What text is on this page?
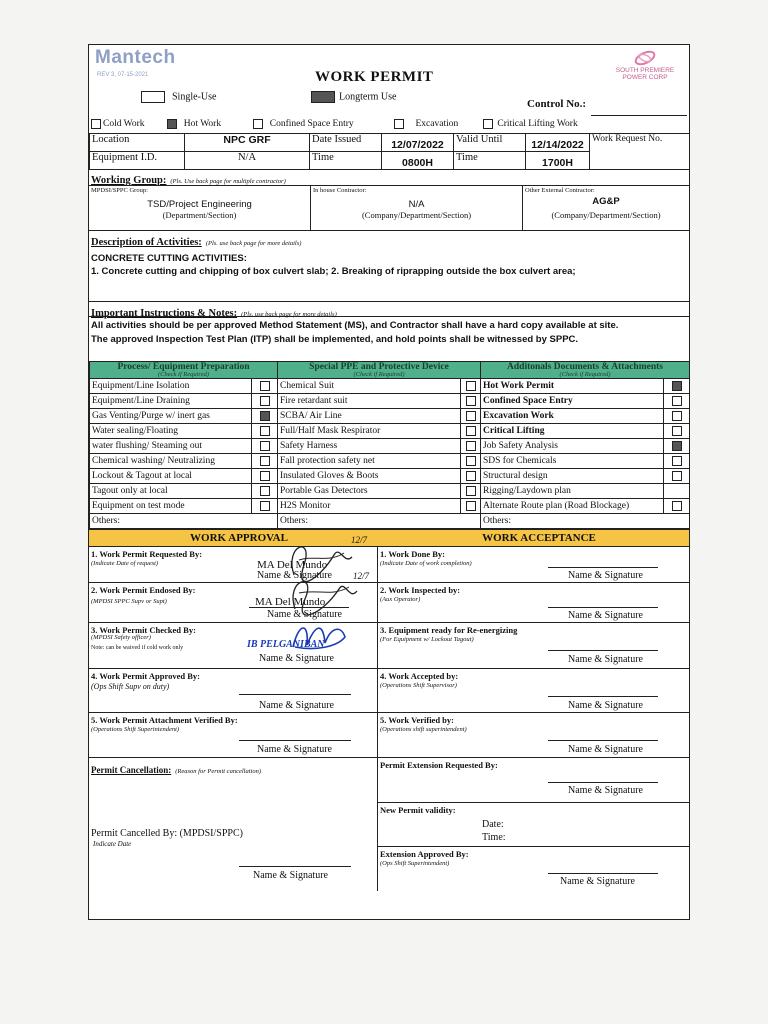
Mantech
REV 3, 07-15-2021	WORK PERMIT	SOUTH PREMIERE POWER CORP
Single-Use	Longterm Use
Control No.:
Cold Work	Hot Work	Confined Space Entry	Excavation	Critical Lifting Work
Location	NPC GRF	Date Issued	12/07/2022	Valid Until	12/14/2022	Work Request No.
Equipment I.D.	N/A	Time	0800H	Time	1700H	
Working Group: (Pls. Use back page for multiple contractor)
MPDSI/SPPC Group:
TSD/Project Engineering
(Department/Section)
In house Contractor:
N/A
(Company/Department/Section)
Other External Contractor:
AG&P
(Company/Department/Section)
Description of Activities: (Pls. use back page for more details)
CONCRETE CUTTING ACTIVITIES:
1. Concrete cutting and chipping of box culvert slab; 2. Breaking of riprapping outside the box culvert area;
Important Instructions & Notes: (Pls. use back page for more details)
All activities should be per approved Method Statement (MS), and Contractor shall have a hard copy available at site.
The approved Inspection Test Plan (ITP) shall be implemented, and hold points shall be witnessed by SPPC.
Process/ Equipment Preparation
(Check if Required)		Special PPE and Protective Device
(Check if Required)		Additonals Documents & Attachments
(Check if Required)	

Equipment/Line Isolation		Chemical Suit		Hot Work Permit	
Equipment/Line Draining		Fire retardant suit		Confined Space Entry	
Gas Venting/Purge w/ inert gas		SCBA/ Air Line		Excavation Work	
Water sealing/Floating		Full/Half Mask Respirator		Critical Lifting	
water flushing/ Steaming out		Safety Harness		Job Safety Analysis	
Chemical washing/ Neutralizing		Fall protection safety net		SDS for Chemicals	
Lockout & Tagout at local		Insulated Gloves & Boots		Structural design	
Tagout only at local		Portable Gas Detectors		Rigging/Laydown plan	
Equipment on test mode		H2S Monitor		Alternate Route plan (Road Blockage)	
Others:		Others:		Others:	
WORK APPROVAL	WORK ACCEPTANCE
1. Work Permit Requested By:
(Indicate Date of request)	MA Del Mundo
Name & Signature
12/7
2. Work Permit Endosed By:
(MPDSI SPPC Supv or Supt)	MA Del Mundo
Name & Signature
12/7
3. Work Permit Checked By:
(MPDSI Safety officer)
Note: can be waived if cold work only	IB PELGANIBAN
Name & Signature
4. Work Permit Approved By:
(Ops Shift Supv on duty)
Name & Signature
5. Work Permit Attachment Verified By:
(Operations Shift Superintendent)
Name & Signature
1. Work Done By:
(Indicate Date of work completion)
Name & Signature
2. Work Inspected by:
(Aux Operator)
Name & Signature
3. Equipment ready for Re-energizing
(For Equipment w/ Lockout Tagout)
Name & Signature
4. Work Accepted by:
(Operations Shift Supervisor)
Name & Signature
5. Work Verified by:
(Operations shift superintendent)
Name & Signature
Permit Cancellation: (Reason for Permit cancellation)
Permit Cancelled By: (MPDSI/SPPC)
Indicate Date
Name & Signature
Permit Extension Requested By:
Name & Signature
New Permit validity:
Date:
Time:
Extension Approved By:
(Ops Shift Superintendent)
Name & Signature
